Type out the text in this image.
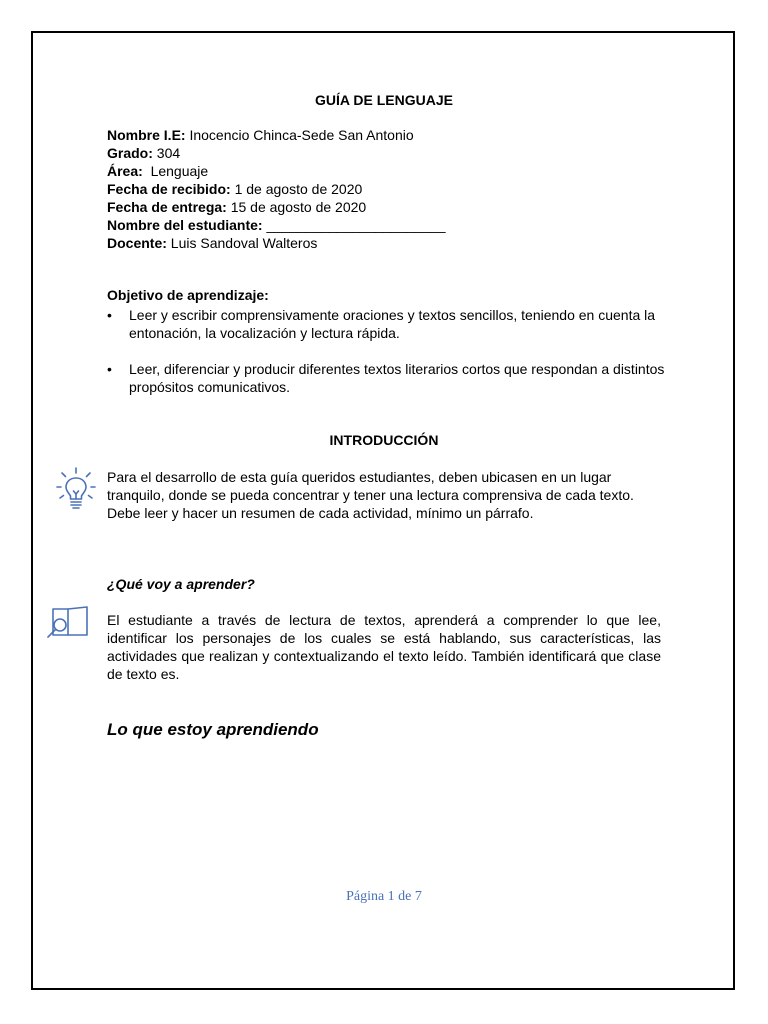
GUÍA DE LENGUAJE
Nombre I.E: Inocencio Chinca-Sede San Antonio
Grado: 304
Área:  Lenguaje
Fecha de recibido: 1 de agosto de 2020
Fecha de entrega: 15 de agosto de 2020
Nombre del estudiante: _______________________
Docente: Luis Sandoval Walteros
Objetivo de aprendizaje:
• Leer y escribir comprensivamente oraciones y textos sencillos, teniendo en cuenta la entonación, la vocalización y lectura rápida.
• Leer, diferenciar y producir diferentes textos literarios cortos que respondan a distintos propósitos comunicativos.
INTRODUCCIÓN
Para el desarrollo de esta guía queridos estudiantes, deben ubicasen en un lugar tranquilo, donde se pueda concentrar y tener una lectura comprensiva de cada texto. Debe leer y hacer un resumen de cada actividad, mínimo un párrafo.
¿Qué voy a aprender?
El estudiante a través de lectura de textos, aprenderá a comprender lo que lee, identificar los personajes de los cuales se está hablando, sus características, las actividades que realizan y contextualizando el texto leído. También identificará que clase de texto es.
Lo que estoy aprendiendo
Página 1 de 7
